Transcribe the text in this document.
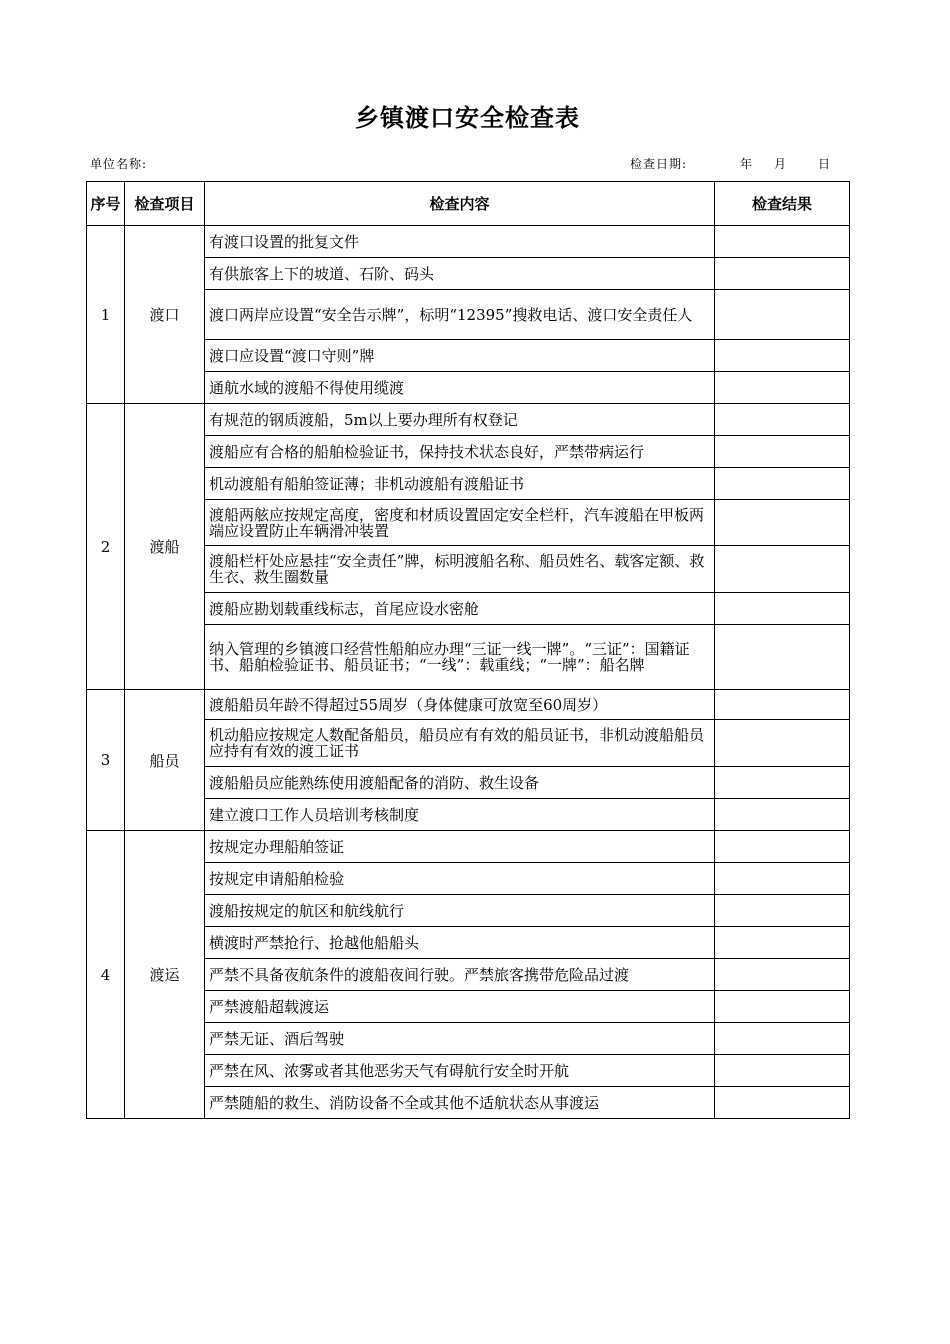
乡镇渡口安全检查表
单位名称:	检查日期:	年 月	日
序号	检查项目	检查内容	检查结果
1	渡口	有渡口设置的批复文件	
		有供旅客上下的坡道、石阶、码头	
		渡口两岸应设置“安全告示牌”，标明“12395”搜救电话、渡口安全责任人	
		渡口应设置“渡口守则”牌	
		通航水域的渡船不得使用缆渡	
2	渡船	有规范的钢质渡船，5m以上要办理所有权登记	
		渡船应有合格的船舶检验证书，保持技术状态良好，严禁带病运行	
		机动渡船有船舶签证薄；非机动渡船有渡船证书	
		渡船两舷应按规定高度，密度和材质设置固定安全栏杆，汽车渡船在甲板两端应设置防止车辆滑冲装置	
		渡船栏杆处应悬挂“安全责任”牌，标明渡船名称、船员姓名、载客定额、救生衣、救生圈数量	
		渡船应勘划载重线标志，首尾应设水密舱	
		纳入管理的乡镇渡口经营性船舶应办理“三证一线一牌”。“三证”：国籍证书、船舶检验证书、船员证书；“一线”：载重线；“一牌”：船名牌	
3	船员	渡船船员年龄不得超过55周岁（身体健康可放宽至60周岁）	
		机动船应按规定人数配备船员，船员应有有效的船员证书，非机动渡船船员应持有有效的渡工证书	
		渡船船员应能熟练使用渡船配备的消防、救生设备	
		建立渡口工作人员培训考核制度	
4	渡运	按规定办理船舶签证	
		按规定申请船舶检验	
		渡船按规定的航区和航线航行	
		横渡时严禁抢行、抢越他船船头	
		严禁不具备夜航条件的渡船夜间行驶。严禁旅客携带危险品过渡	
		严禁渡船超载渡运	
		严禁无证、酒后驾驶	
		严禁在风、浓雾或者其他恶劣天气有碍航行安全时开航	
		严禁随船的救生、消防设备不全或其他不适航状态从事渡运	
